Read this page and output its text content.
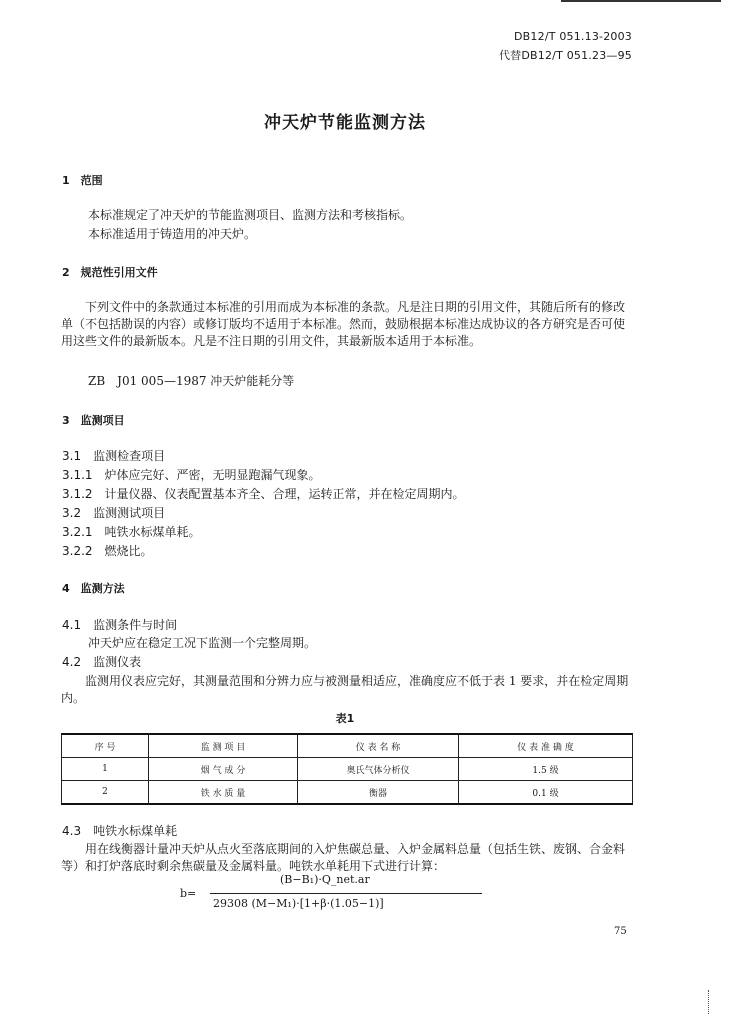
DB12/T 051.13-2003
代替DB12/T 051.23—95
冲天炉节能监测方法
1　范围
本标准规定了冲天炉的节能监测项目、监测方法和考核指标。
本标准适用于铸造用的冲天炉。
2　规范性引用文件
下列文件中的条款通过本标准的引用而成为本标准的条款。凡是注日期的引用文件，其随后所有的修改单（不包括勘误的内容）或修订版均不适用于本标准。然而，鼓励根据本标准达成协议的各方研究是否可使用这些文件的最新版本。凡是不注日期的引用文件，其最新版本适用于本标准。
ZB　J01 005—1987 冲天炉能耗分等
3　监测项目
3.1　监测检查项目
3.1.1　炉体应完好、严密，无明显跑漏气现象。
3.1.2　计量仪器、仪表配置基本齐全、合理，运转正常，并在检定周期内。
3.2　监测测试项目
3.2.1　吨铁水标煤单耗。
3.2.2　燃烧比。
4　监测方法
4.1　监测条件与时间
冲天炉应在稳定工况下监测一个完整周期。
4.2　监测仪表
监测用仪表应完好，其测量范围和分辨力应与被测量相适应，准确度应不低于表 1 要求，并在检定周期内。
表1
序 号	监 测 项 目	仪 表 名 称	仪 表 准 确 度
1	烟 气 成 分	奥氏气体分析仪	1.5 级
2	铁 水 质 量	衡器	0.1 级
4.3　吨铁水标煤单耗
用在线衡器计量冲天炉从点火至落底期间的入炉焦碳总量、入炉金属料总量（包括生铁、废钢、合金料等）和打炉落底时剩余焦碳量及金属料量。吨铁水单耗用下式进行计算：
b=
(B−B₁)·Q_net.ar
29308 (M−M₁)·[1+β·(1.05−1)]
75
